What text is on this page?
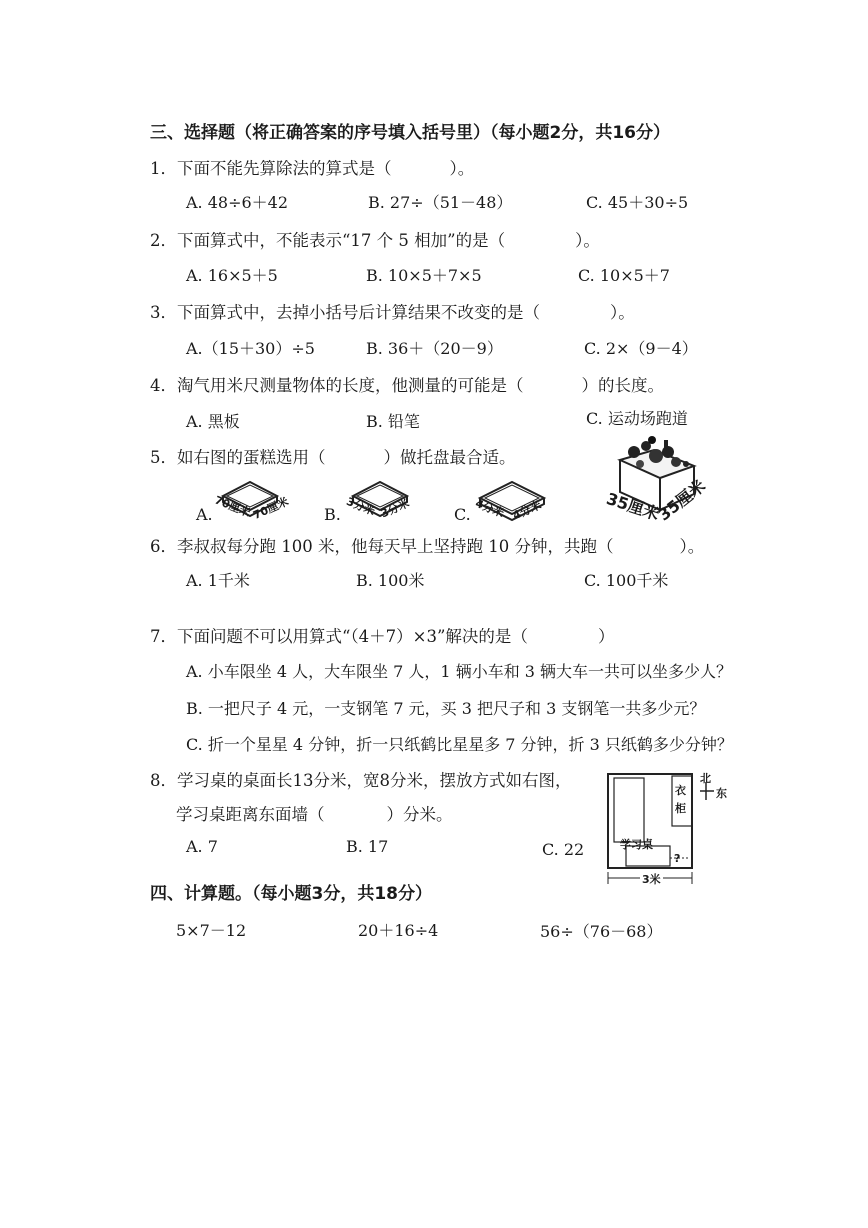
三、选择题（将正确答案的序号填入括号里）（每小题2分，共16分）
1．下面不能先算除法的算式是（	）。
A. 48÷6＋42	B. 27÷（51－48）	C. 45＋30÷5
2．下面算式中，不能表示“17 个 5 相加”的是（	）。
A. 16×5＋5	B. 10×5＋7×5	C. 10×5＋7
3．下面算式中，去掉小括号后计算结果不改变的是（	）。
A.（15＋30）÷5	B. 36＋（20－9）	C. 2×（9－4）
4．淘气用米尺测量物体的长度，他测量的可能是（	）的长度。
A. 黑板	B. 铅笔	C. 运动场跑道
5．如右图的蛋糕选用（	）做托盘最合适。
A.	B.	C.
70厘米
70厘米	3分米 3分米	4分米 4分米	35厘米
35厘米
6．李叔叔每分跑 100 米，他每天早上坚持跑 10 分钟，共跑（	）。
A. 1千米	B. 100米	C. 100千米
7．下面问题不可以用算式“（4＋7）×3”解决的是（	）
A. 小车限坐 4 人，大车限坐 7 人，1 辆小车和 3 辆大车一共可以坐多少人？
B. 一把尺子 4 元，一支钢笔 7 元，买 3 把尺子和 3 支钢笔一共多少元？
C. 折一个星星 4 分钟，折一只纸鹤比星星多 7 分钟，折 3 只纸鹤多少分钟？
8．学习桌的桌面长13分米，宽8分米，摆放方式如右图，
学习桌距离东面墙（	）分米。
A. 7	B. 17	C. 22
衣柜
学习桌
?
3米
北
东
四、计算题。（每小题3分，共18分）
5×7－12	20＋16÷4	56÷（76－68）
